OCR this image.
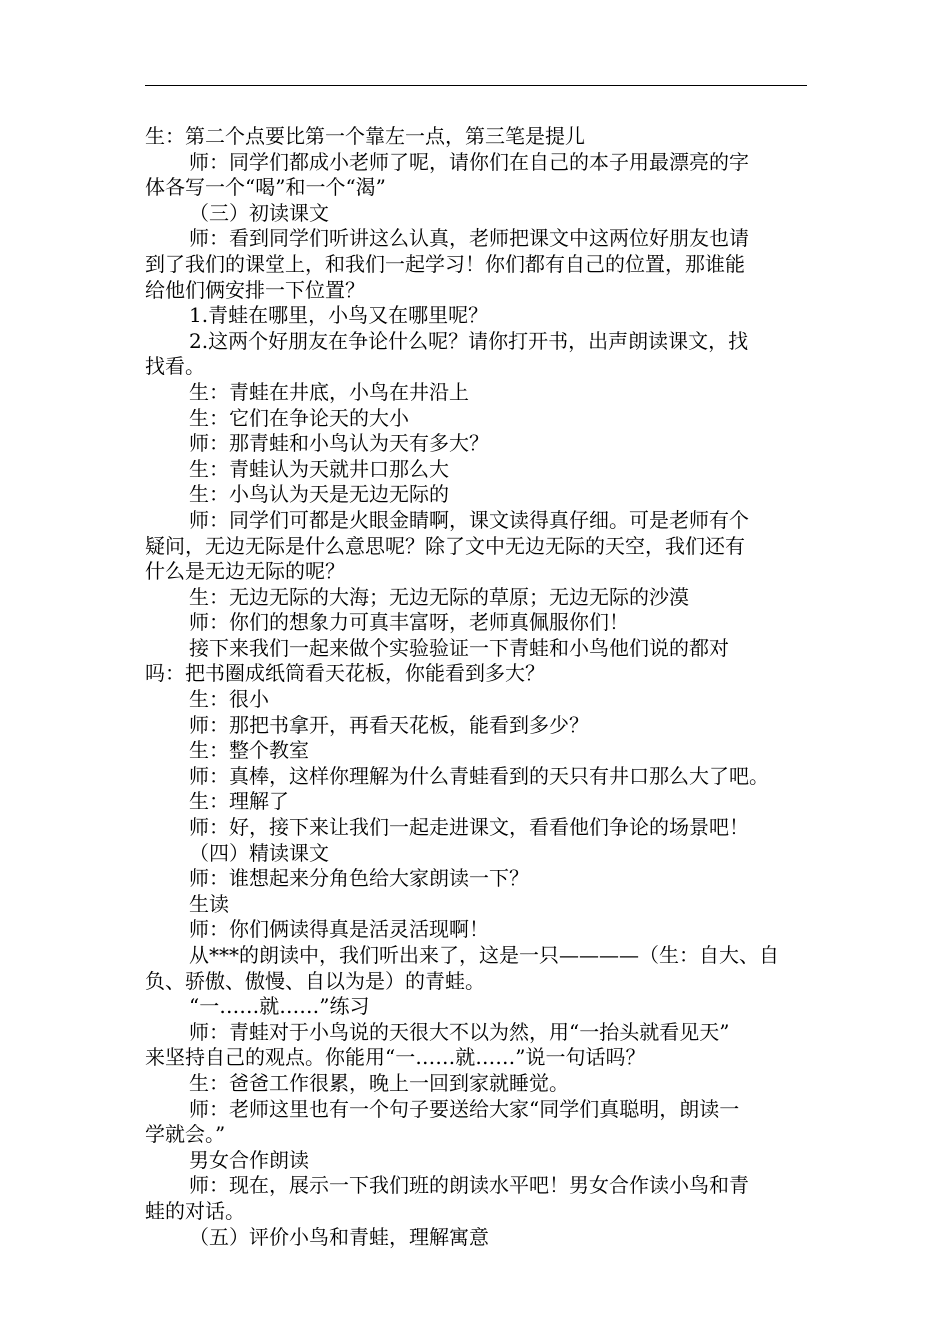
生：第二个点要比第一个靠左一点，第三笔是提儿
师：同学们都成小老师了呢，请你们在自己的本子用最漂亮的字
体各写一个“喝”和一个“渴”
（三）初读课文
师：看到同学们听讲这么认真，老师把课文中这两位好朋友也请
到了我们的课堂上，和我们一起学习！你们都有自己的位置，那谁能
给他们俩安排一下位置？
1.青蛙在哪里，小鸟又在哪里呢？
2.这两个好朋友在争论什么呢？请你打开书，出声朗读课文，找
找看。
生：青蛙在井底，小鸟在井沿上
生：它们在争论天的大小
师：那青蛙和小鸟认为天有多大？
生：青蛙认为天就井口那么大
生：小鸟认为天是无边无际的
师：同学们可都是火眼金睛啊，课文读得真仔细。可是老师有个
疑问，无边无际是什么意思呢？除了文中无边无际的天空，我们还有
什么是无边无际的呢？
生：无边无际的大海；无边无际的草原；无边无际的沙漠
师：你们的想象力可真丰富呀，老师真佩服你们！
接下来我们一起来做个实验验证一下青蛙和小鸟他们说的都对
吗：把书圈成纸筒看天花板，你能看到多大？
生：很小
师：那把书拿开，再看天花板，能看到多少？
生：整个教室
师：真棒，这样你理解为什么青蛙看到的天只有井口那么大了吧。
生：理解了
师：好，接下来让我们一起走进课文，看看他们争论的场景吧！
（四）精读课文
师：谁想起来分角色给大家朗读一下？
生读
师：你们俩读得真是活灵活现啊！
从***的朗读中，我们听出来了，这是一只————（生：自大、自
负、骄傲、傲慢、自以为是）的青蛙。
“一……就……”练习
师：青蛙对于小鸟说的天很大不以为然，用“一抬头就看见天”
来坚持自己的观点。你能用“一……就……”说一句话吗？
生：爸爸工作很累，晚上一回到家就睡觉。
师：老师这里也有一个句子要送给大家“同学们真聪明，朗读一
学就会。”
男女合作朗读
师：现在，展示一下我们班的朗读水平吧！男女合作读小鸟和青
蛙的对话。
（五）评价小鸟和青蛙，理解寓意
